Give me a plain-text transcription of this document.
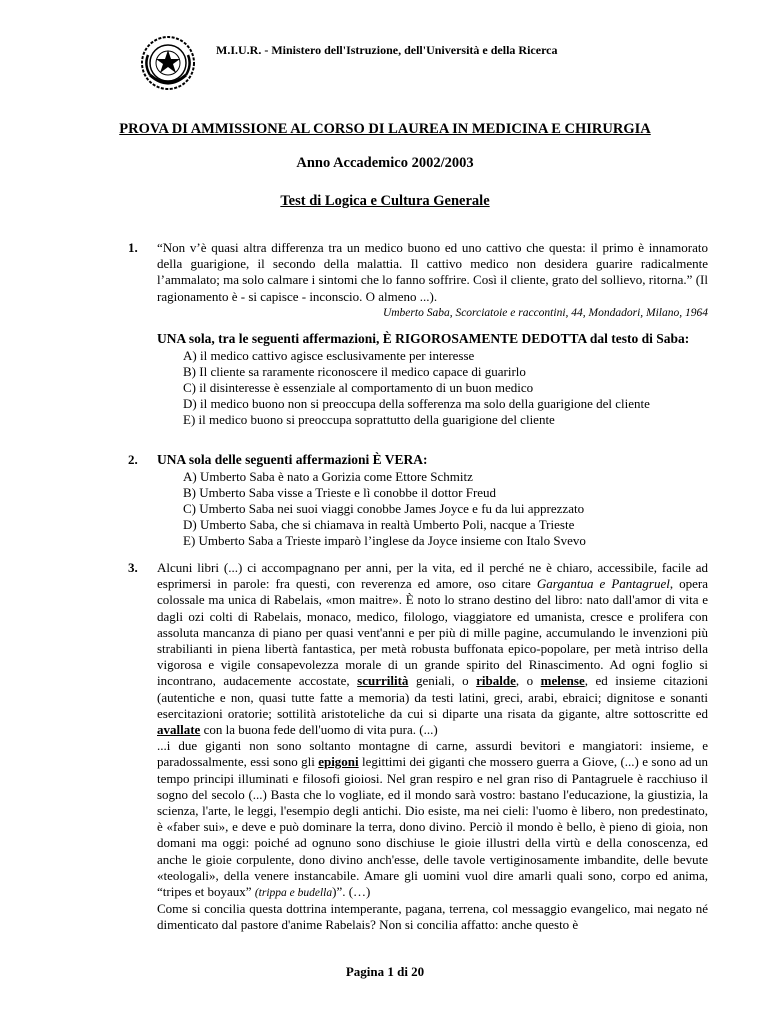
M.I.U.R. - Ministero dell'Istruzione, dell'Università e della Ricerca
PROVA DI AMMISSIONE AL CORSO DI LAUREA IN MEDICINA E CHIRURGIA
Anno Accademico 2002/2003
Test di Logica e Cultura Generale
1. “Non v’è quasi altra differenza tra un medico buono ed uno cattivo che questa: il primo è innamorato della guarigione, il secondo della malattia. Il cattivo medico non desidera guarire radicalmente l’ammalato; ma solo calmare i sintomi che lo fanno soffrire. Così il cliente, grato del sollievo, ritorna.” (Il ragionamento è - si capisce - inconscio. O almeno ...).
Umberto Saba, Scorciatoie e raccontini, 44, Mondadori, Milano, 1964
UNA sola, tra le seguenti affermazioni, È RIGOROSAMENTE DEDOTTA dal testo di Saba:
A) il medico cattivo agisce esclusivamente per interesse
B) Il cliente sa raramente riconoscere il medico capace di guarirlo
C) il disinteresse è essenziale al comportamento di un buon medico
D) il medico buono non si preoccupa della sofferenza ma solo della guarigione del cliente
E) il medico buono si preoccupa soprattutto della guarigione del cliente
2. UNA sola delle seguenti affermazioni È VERA:
A) Umberto Saba è nato a Gorizia come Ettore Schmitz
B) Umberto Saba visse a Trieste e lì conobbe il dottor Freud
C) Umberto Saba nei suoi viaggi conobbe James Joyce e fu da lui apprezzato
D) Umberto Saba, che si chiamava in realtà Umberto Poli, nacque a Trieste
E) Umberto Saba a Trieste imparò l’inglese da Joyce insieme con Italo Svevo
3. Alcuni libri (...) ci accompagnano per anni, per la vita, ed il perché ne è chiaro, accessibile, facile ad esprimersi in parole: fra questi, con reverenza ed amore, oso citare Gargantua e Pantagruel, opera colossale ma unica di Rabelais, «mon maitre». È noto lo strano destino del libro: nato dall'amor di vita e dagli ozi colti di Rabelais, monaco, medico, filologo, viaggiatore ed umanista, cresce e prolifera con assoluta mancanza di piano per quasi vent'anni e per più di mille pagine, accumulando le invenzioni più strabilianti in piena libertà fantastica, per metà robusta buffonata epico-popolare, per metà intriso della vigorosa e vigile consapevolezza morale di un grande spirito del Rinascimento. Ad ogni foglio si incontrano, audacemente accostate, scurrilità geniali, o ribalde, o melense, ed insieme citazioni (autentiche e non, quasi tutte fatte a memoria) da testi latini, greci, arabi, ebraici; dignitose e sonanti esercitazioni oratorie; sottilità aristoteliche da cui si diparte una risata da gigante, altre sottoscritte ed avallate con la buona fede dell'uomo di vita pura. (...)
...i due giganti non sono soltanto montagne di carne, assurdi bevitori e mangiatori: insieme, e paradossalmente, essi sono gli epigoni legittimi dei giganti che mossero guerra a Giove, (...) e sono ad un tempo principi illuminati e filosofi gioiosi. Nel gran respiro e nel gran riso di Pantagruele è racchiuso il sogno del secolo (...) Basta che lo vogliate, ed il mondo sarà vostro: bastano l'educazione, la giustizia, la scienza, l'arte, le leggi, l'esempio degli antichi. Dio esiste, ma nei cieli: l'uomo è libero, non predestinato, è «faber sui», e deve e può dominare la terra, dono divino. Perciò il mondo è bello, è pieno di gioia, non domani ma oggi: poiché ad ognuno sono dischiuse le gioie illustri della virtù e della conoscenza, ed anche le gioie corpulente, dono divino anch'esse, delle tavole vertiginosamente imbandite, delle bevute «teologali», della venere instancabile. Amare gli uomini vuol dire amarli quali sono, corpo ed anima, “tripes et boyaux” (trippa e budella)”. (…)
Come si concilia questa dottrina intemperante, pagana, terrena, col messaggio evangelico, mai negato né dimenticato dal pastore d'anime Rabelais? Non si concilia affatto: anche questo è
Pagina 1 di 20
